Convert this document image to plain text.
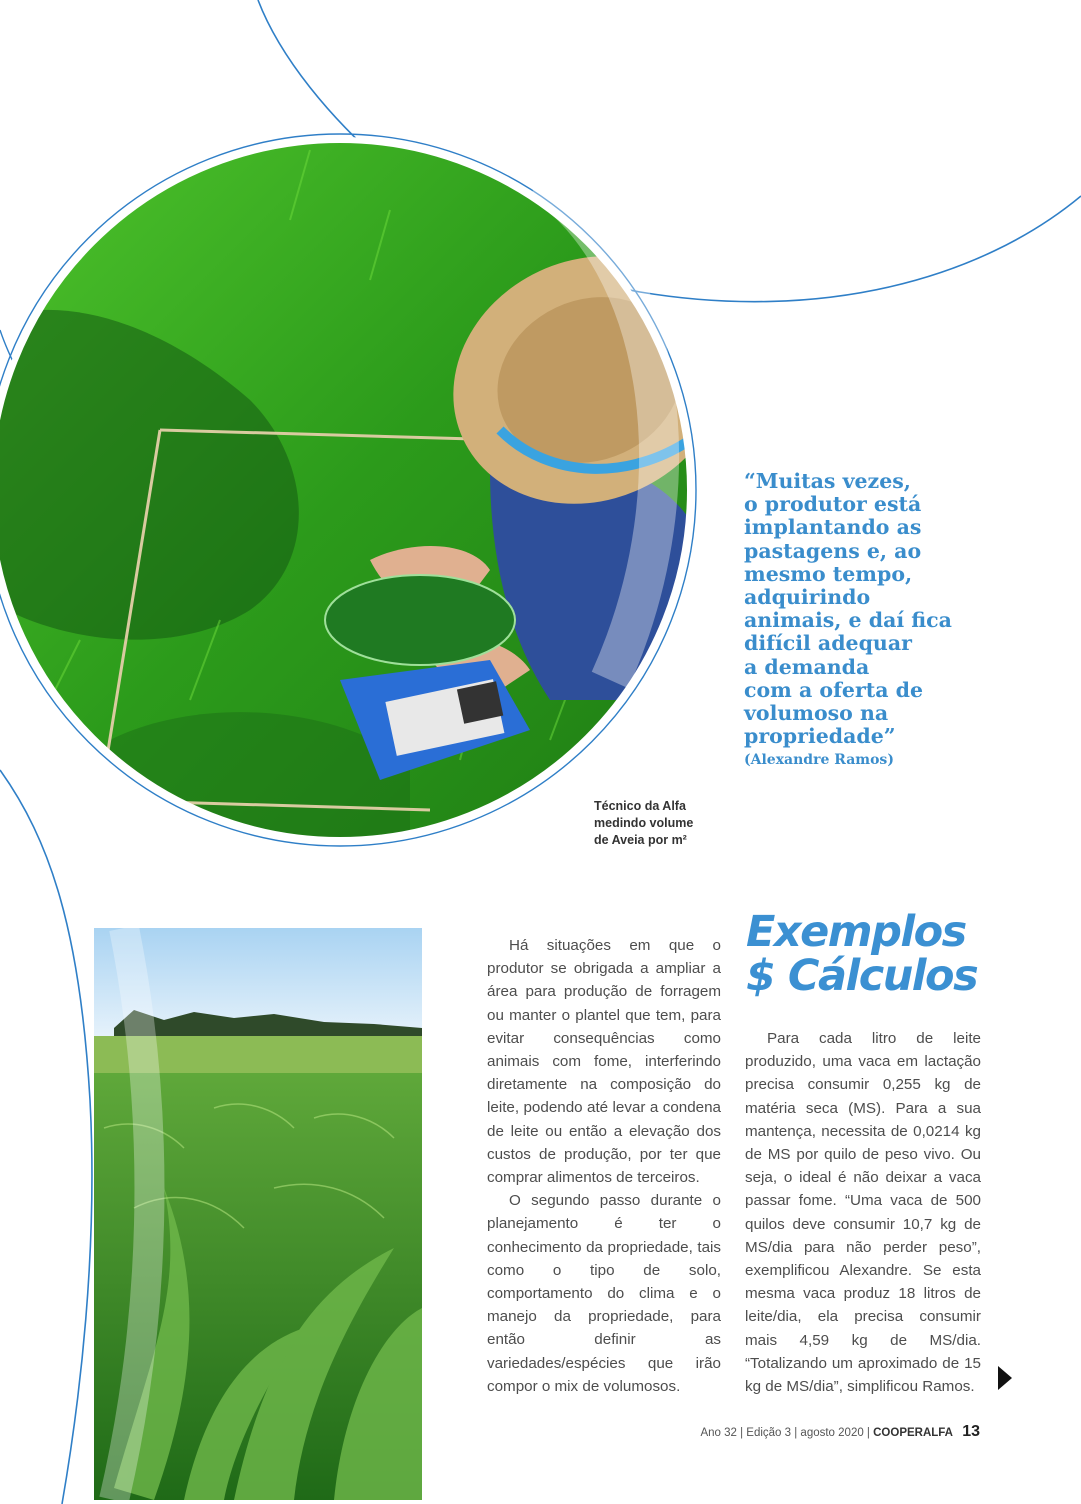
Técnico da Alfa
medindo volume
de Aveia por m²
“Muitas vezes,
o produtor está
implantando as
pastagens e, ao
mesmo tempo,
adquirindo
animais, e daí fica
difícil adequar
a demanda
com a oferta de
volumoso na
propriedade”
(Alexandre Ramos)

Há situações em que o produtor se obrigada a ampliar a área para produção de forragem ou manter o plantel que tem, para evitar consequências como animais com fome, interferindo diretamente na composição do leite, podendo até levar a condena de leite ou então a elevação dos custos de produção, por ter que comprar alimentos de terceiros.

O segundo passo durante o planejamento é ter o conhecimento da propriedade, tais como o tipo de solo, comportamento do clima e o manejo da propriedade, para então definir as variedades/espécies que irão compor o mix de volumosos.

Exemplos
$ Cálculos

Para cada litro de leite produzido, uma vaca em lactação precisa consumir 0,255 kg de matéria seca (MS). Para a sua mantença, necessita de 0,0214 kg de MS por quilo de peso vivo. Ou seja, o ideal é não deixar a vaca passar fome. “Uma vaca de 500 quilos deve consumir 10,7 kg de MS/dia para não perder peso”, exemplificou Alexandre. Se esta mesma vaca produz 18 litros de leite/dia, ela precisa consumir mais 4,59 kg de MS/dia. “Totalizando um aproximado de 15 kg de MS/dia”, simplificou Ramos.

Ano 32 | Edição 3 | agosto 2020 | COOPERALFA 13
